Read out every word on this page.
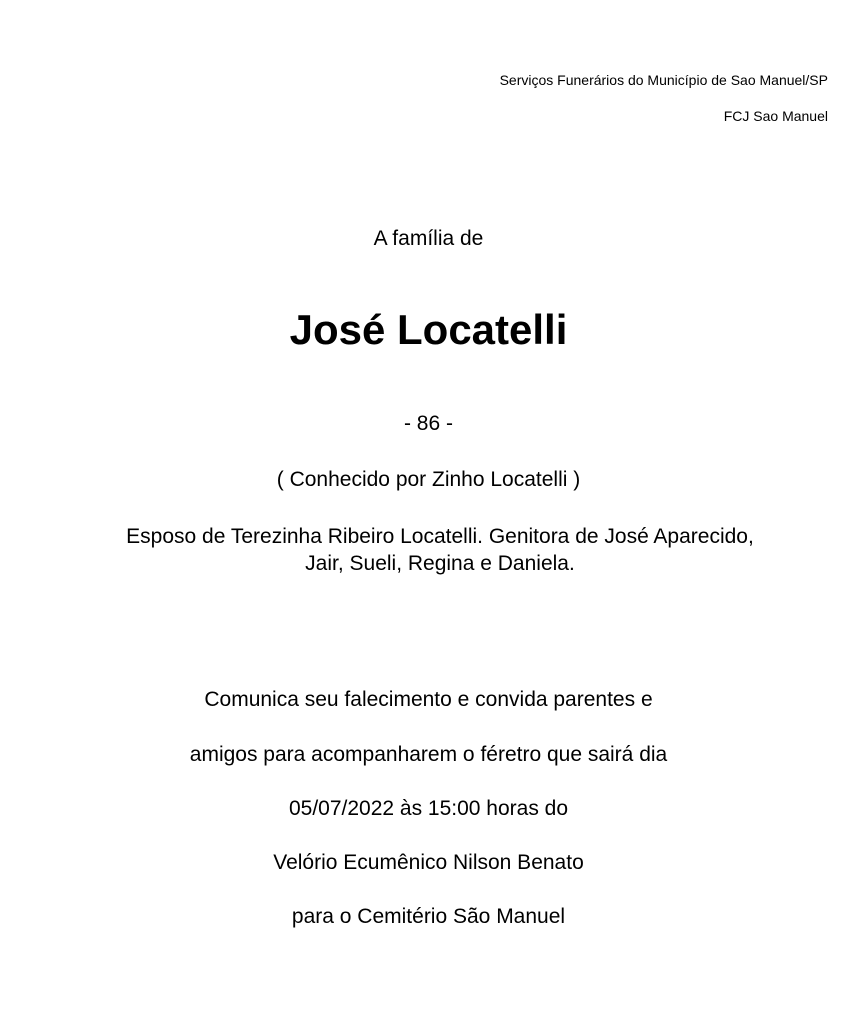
Serviços Funerários do Município de Sao Manuel/SP
FCJ Sao Manuel
A família de
José Locatelli
- 86 -
( Conhecido por Zinho Locatelli )
Esposo de Terezinha Ribeiro Locatelli. Genitora de José Aparecido,
Jair, Sueli, Regina e Daniela.
Comunica seu falecimento e convida parentes e
amigos para acompanharem o féretro que sairá dia
05/07/2022 às 15:00 horas do
Velório Ecumênico Nilson Benato
para o Cemitério São Manuel
